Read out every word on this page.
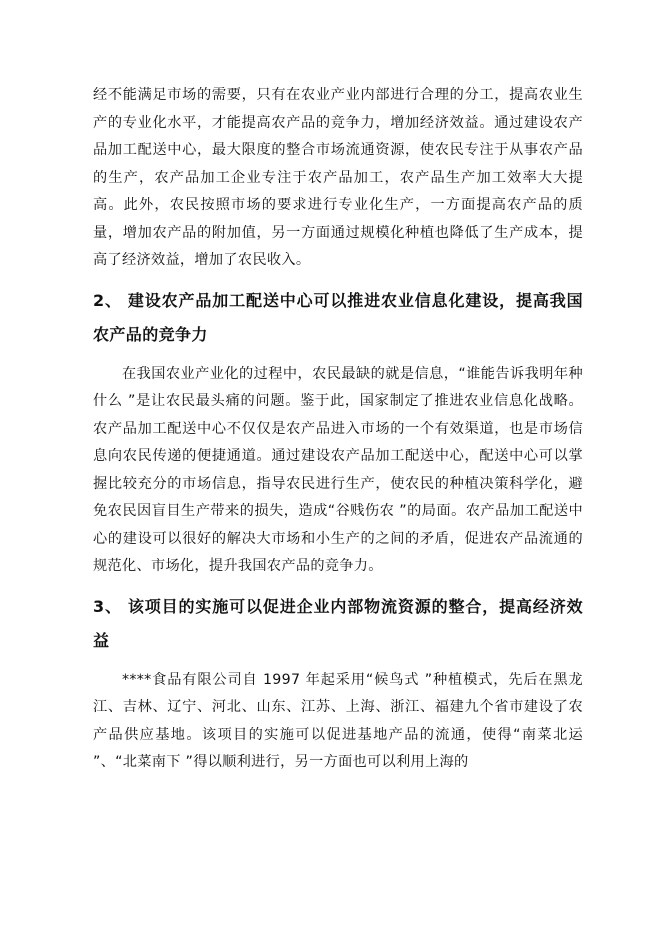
经不能满足市场的需要，只有在农业产业内部进行合理的分工，提高农业生产的专业化水平，才能提高农产品的竞争力，增加经济效益。通过建设农产品加工配送中心，最大限度的整合市场流通资源，使农民专注于从事农产品的生产，农产品加工企业专注于农产品加工，农产品生产加工效率大大提高。此外，农民按照市场的要求进行专业化生产，一方面提高农产品的质量，增加农产品的附加值，另一方面通过规模化种植也降低了生产成本，提高了经济效益，增加了农民收入。

2、 建设农产品加工配送中心可以推进农业信息化建设，提高我国农产品的竞争力

在我国农业产业化的过程中，农民最缺的就是信息，“谁能告诉我明年种什么 ”是让农民最头痛的问题。鉴于此，国家制定了推进农业信息化战略。农产品加工配送中心不仅仅是农产品进入市场的一个有效渠道，也是市场信息向农民传递的便捷通道。通过建设农产品加工配送中心，配送中心可以掌握比较充分的市场信息，指导农民进行生产，使农民的种植决策科学化，避免农民因盲目生产带来的损失，造成“谷贱伤农 ”的局面。农产品加工配送中心的建设可以很好的解决大市场和小生产的之间的矛盾，促进农产品流通的规范化、市场化，提升我国农产品的竞争力。

3、 该项目的实施可以促进企业内部物流资源的整合，提高经济效益

****食品有限公司自 1997 年起采用“候鸟式 ”种植模式，先后在黑龙江、吉林、辽宁、河北、山东、江苏、上海、浙江、福建九个省市建设了农产品供应基地。该项目的实施可以促进基地产品的流通，使得“南菜北运 ”、“北菜南下 ”得以顺利进行，另一方面也可以利用上海的
